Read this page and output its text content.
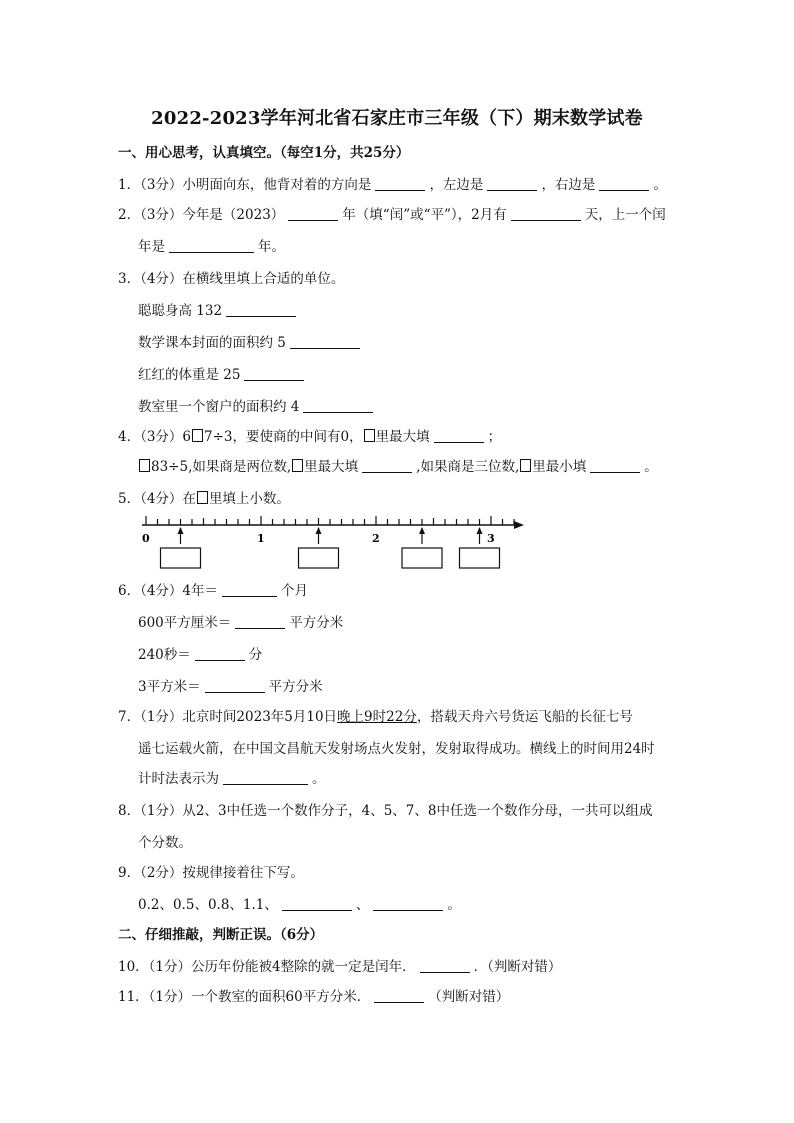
2022-2023学年河北省石家庄市三年级（下）期末数学试卷
一、用心思考，认真填空。（每空1分，共25分）
1．（3分）小明面向东，他背对着的方向是	，左边是	，右边是	。
2．（3分）今年是（2023）	年（填“闰”或“平”），2月有	天，上一个闰
年是	年。
3．（4分）在横线里填上合适的单位。
聪聪身高 132
数学课本封面的面积约 5
红红的体重是 25
教室里一个窗户的面积约 4
4．（3分）6 7÷3，要使商的中间有0， 里最大填	；
83÷5,如果商是两位数, 里最大填	,如果商是三位数, 里最小填	。
5．（4分）在 里填上小数。
0	1	2	3
6．（4分）4年＝	个月
600平方厘米＝	平方分米
240秒＝	分
3平方米＝	平方分米
7．（1分）北京时间2023年5月10日晚上9时22分，搭载天舟六号货运飞船的长征七号
遥七运载火箭，在中国文昌航天发射场点火发射，发射取得成功。横线上的时间用24时
计时法表示为	。
8．（1分）从2、3中任选一个数作分子，4、5、7、8中任选一个数作分母，一共可以组成
个分数。
9．（2分）按规律接着往下写。
0.2、0.5、0.8、1.1、	、	。
二、仔细推敲，判断正误。（6分）
10．（1分）公历年份能被4整除的就一定是闰年．	．（判断对错）
11．（1分）一个教室的面积60平方分米．	（判断对错）
